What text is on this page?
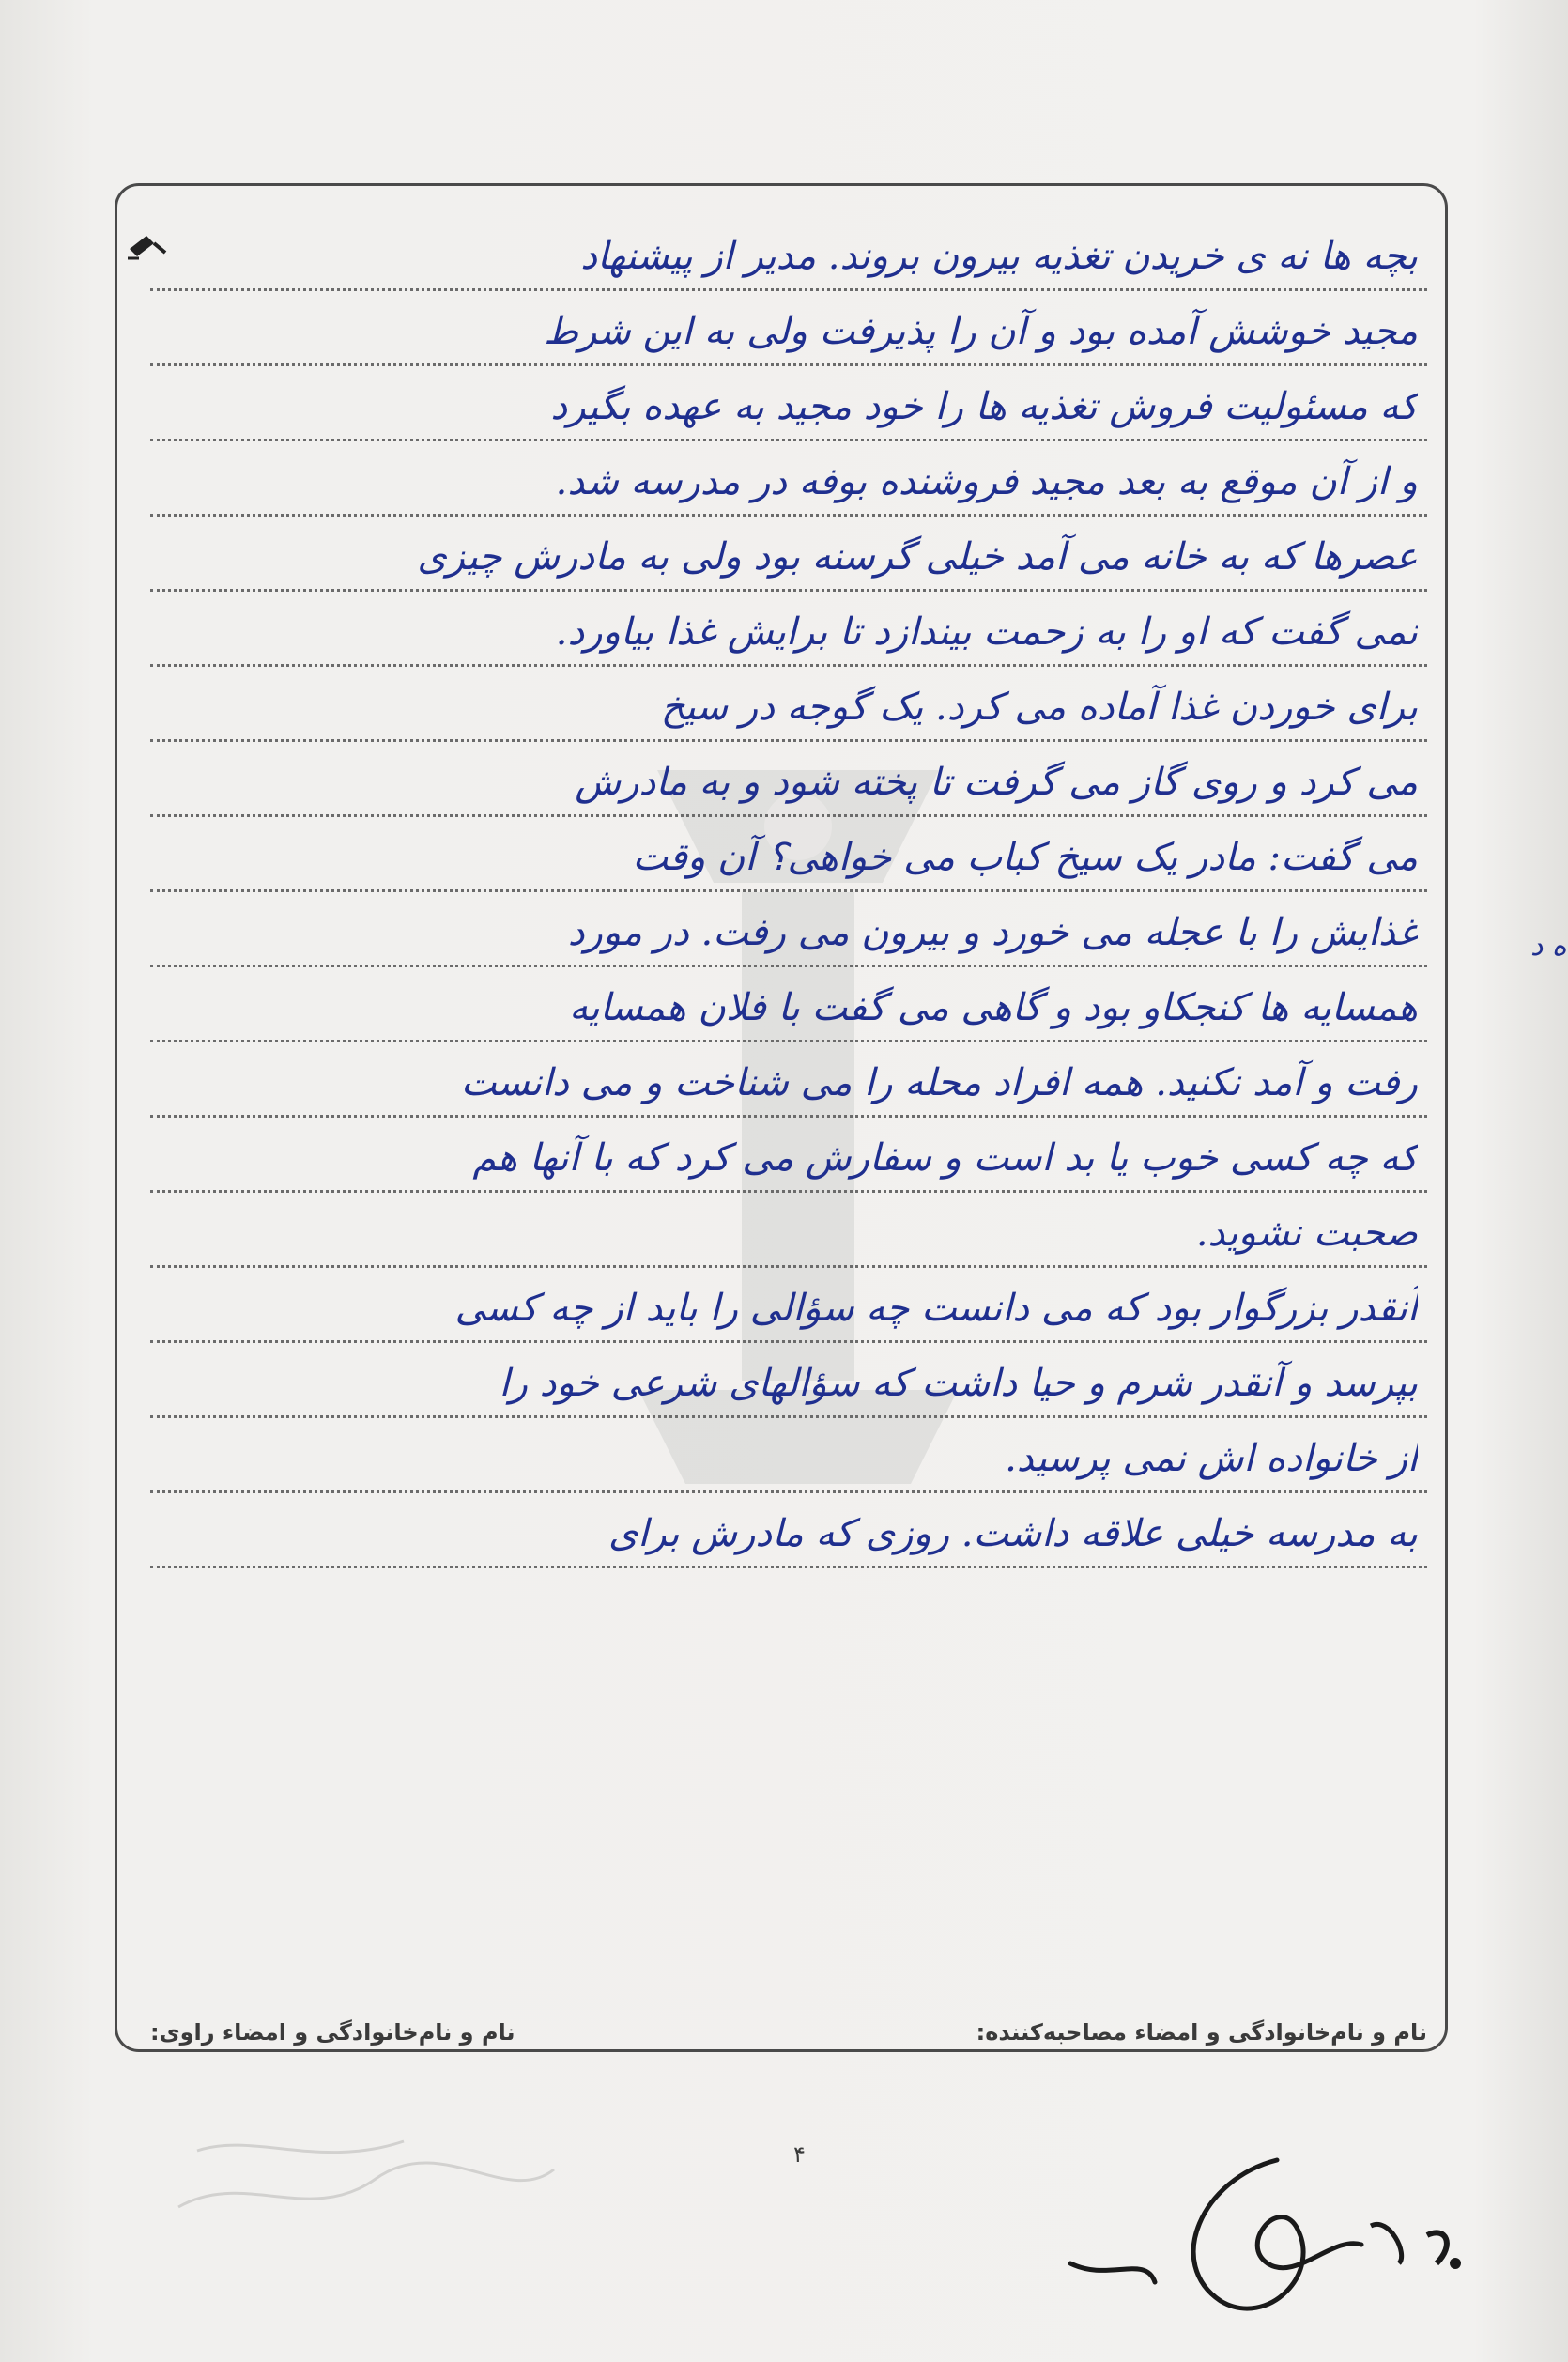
بچه ها نه ی خریدن تغذیه بیرون بروند. مدیر از پیشنهاد
مجید خوشش آمده بود و آن را پذیرفت ولی به این شرط
که مسئولیت فروش تغذیه ها را خود مجید به عهده بگیرد
و از آن موقع به بعد مجید فروشنده بوفه در مدرسه شد.
عصرها که به خانه می آمد خیلی گرسنه بود ولی به مادرش چیزی
نمی گفت که او را به زحمت بیندازد تا برایش غذا بیاورد.
برای خوردن غذا آماده می کرد. یک گوجه در سیخ
می کرد و روی گاز می گرفت تا پخته شود و به مادرش
می گفت: مادر یک سیخ کباب می خواهی؟ آن وقت
غذایش را با عجله می خورد و بیرون می رفت. در مورد
همسایه ها کنجکاو بود و گاهی می گفت با فلان همسایه
رفت و آمد نکنید. همه افراد محله را می شناخت و می دانست
که چه کسی خوب یا بد است و سفارش می کرد که با آنها هم
صحبت نشوید.
آنقدر بزرگوار بود که می دانست چه سؤالی را باید از چه کسی
بپرسد و آنقدر شرم و حیا داشت که سؤالهای شرعی خود را
از خانواده اش نمی پرسید.
به مدرسه خیلی علاقه داشت. روزی که مادرش برای
نام و نام‌خانوادگی و امضاء مصاحبه‌کننده:
نام و نام‌خانوادگی و امضاء راوی:
۴
ه د
رائی
